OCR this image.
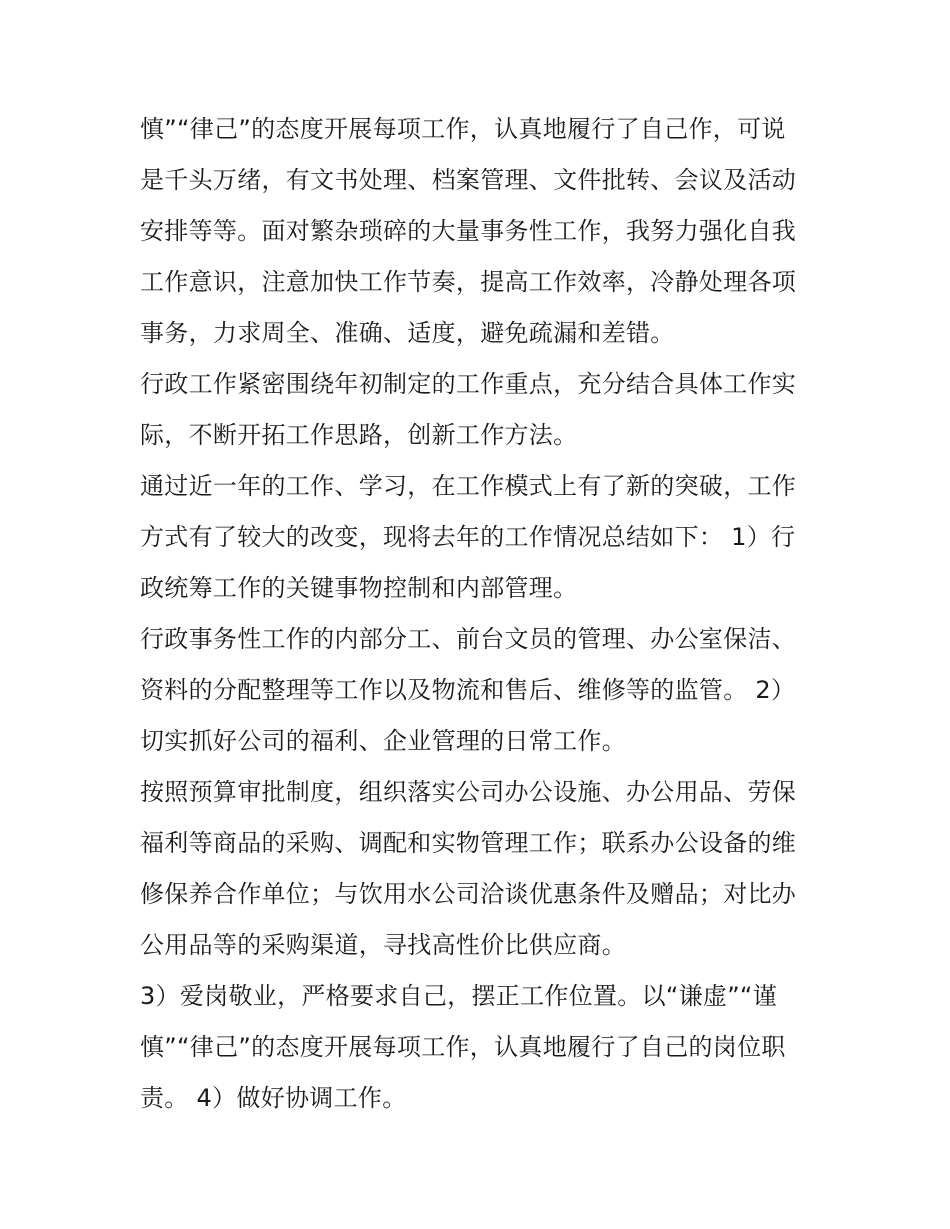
慎”“律己”的态度开展每项工作，认真地履行了自己作，可说
是千头万绪，有文书处理、档案管理、文件批转、会议及活动
安排等等。面对繁杂琐碎的大量事务性工作，我努力强化自我
工作意识，注意加快工作节奏，提高工作效率，冷静处理各项
事务，力求周全、准确、适度，避免疏漏和差错。

行政工作紧密围绕年初制定的工作重点，充分结合具体工作实
际，不断开拓工作思路，创新工作方法。

通过近一年的工作、学习，在工作模式上有了新的突破，工作
方式有了较大的改变，现将去年的工作情况总结如下： 1）行
政统筹工作的关键事物控制和内部管理。

行政事务性工作的内部分工、前台文员的管理、办公室保洁、
资料的分配整理等工作以及物流和售后、维修等的监管。 2）
切实抓好公司的福利、企业管理的日常工作。

按照预算审批制度，组织落实公司办公设施、办公用品、劳保
福利等商品的采购、调配和实物管理工作；联系办公设备的维
修保养合作单位；与饮用水公司洽谈优惠条件及赠品；对比办
公用品等的采购渠道，寻找高性价比供应商。

3）爱岗敬业，严格要求自己，摆正工作位置。以“谦虚”“谨
慎”“律己”的态度开展每项工作，认真地履行了自己的岗位职
责。 4）做好协调工作。
